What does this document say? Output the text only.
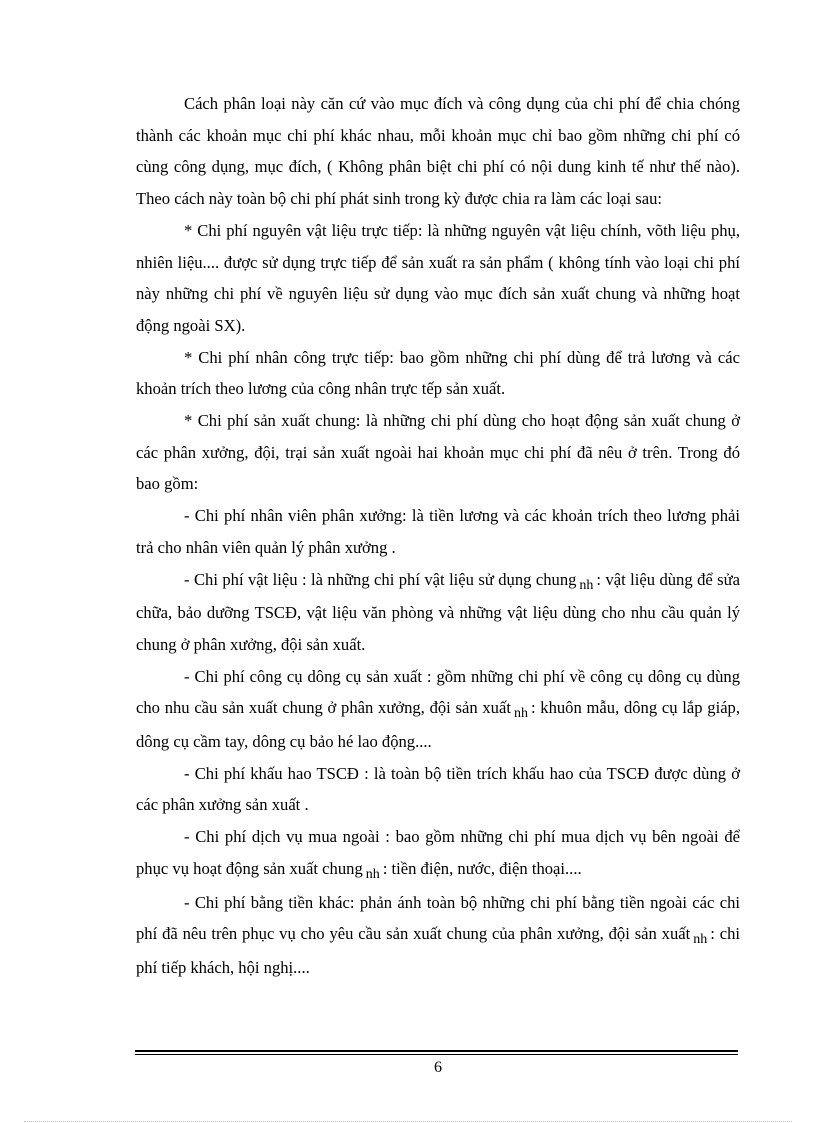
Cách phân loại này căn cứ vào mục đích và công dụng của chi phí để chia chóng thành các khoản mục chi phí khác nhau, mỗi khoản mục chỉ bao gồm những chi phí có cùng công dụng, mục đích, ( Không phân biệt chi phí có nội dung kinh tế như thế nào). Theo cách này toàn bộ chi phí phát sinh trong kỳ được chia ra làm các loại sau:

* Chi phí nguyên vật liệu trực tiếp: là những nguyên vật liệu chính, võth liệu phụ, nhiên liệu.... được sử dụng trực tiếp để sản xuất ra sản phẩm ( không tính vào loại chi phí này những chi phí về nguyên liệu sử dụng vào mục đích sản xuất chung và những hoạt động ngoài SX).

* Chi phí nhân công trực tiếp: bao gồm những chi phí dùng để trả lương và các khoản trích theo lương của công nhân trực tếp sản xuất.

* Chi phí sản xuất chung: là những chi phí dùng cho hoạt động sản xuất chung ở các phân xưởng, đội, trại sản xuất ngoài hai khoản mục chi phí đã nêu ở trên. Trong đó bao gồm:

- Chi phí nhân viên phân xưởng: là tiền lương và các khoản trích theo lương phải trả cho nhân viên quản lý phân xưởng .

- Chi phí vật liệu : là những chi phí vật liệu sử dụng chung $_{nh}$ : vật liệu dùng để sửa chữa, bảo dưỡng TSCĐ, vật liệu văn phòng và những vật liệu dùng cho nhu cầu quản lý chung ở phân xưởng, đội sản xuất.

- Chi phí công cụ dông cụ sản xuất : gồm những chi phí về công cụ dông cụ dùng cho nhu cầu sản xuất chung ở phân xưởng, đội sản xuất $_{nh}$ : khuôn mẫu, dông cụ lắp giáp, dông cụ cầm tay, dông cụ bảo hé lao động....

- Chi phí khấu hao TSCĐ : là toàn bộ tiền trích khấu hao của TSCĐ được dùng ở các phân xưởng sản xuất .

- Chi phí dịch vụ mua ngoài : bao gồm những chi phí mua dịch vụ bên ngoài để phục vụ hoạt động sản xuất chung $_{nh}$ : tiền điện, nước, điện thoại....

- Chi phí bằng tiền khác: phản ánh toàn bộ những chi phí bằng tiền ngoài các chi phí đã nêu trên phục vụ cho yêu cầu sản xuất chung của phân xưởng, đội sản xuất $_{nh}$ : chi phí tiếp khách, hội nghị....

6
